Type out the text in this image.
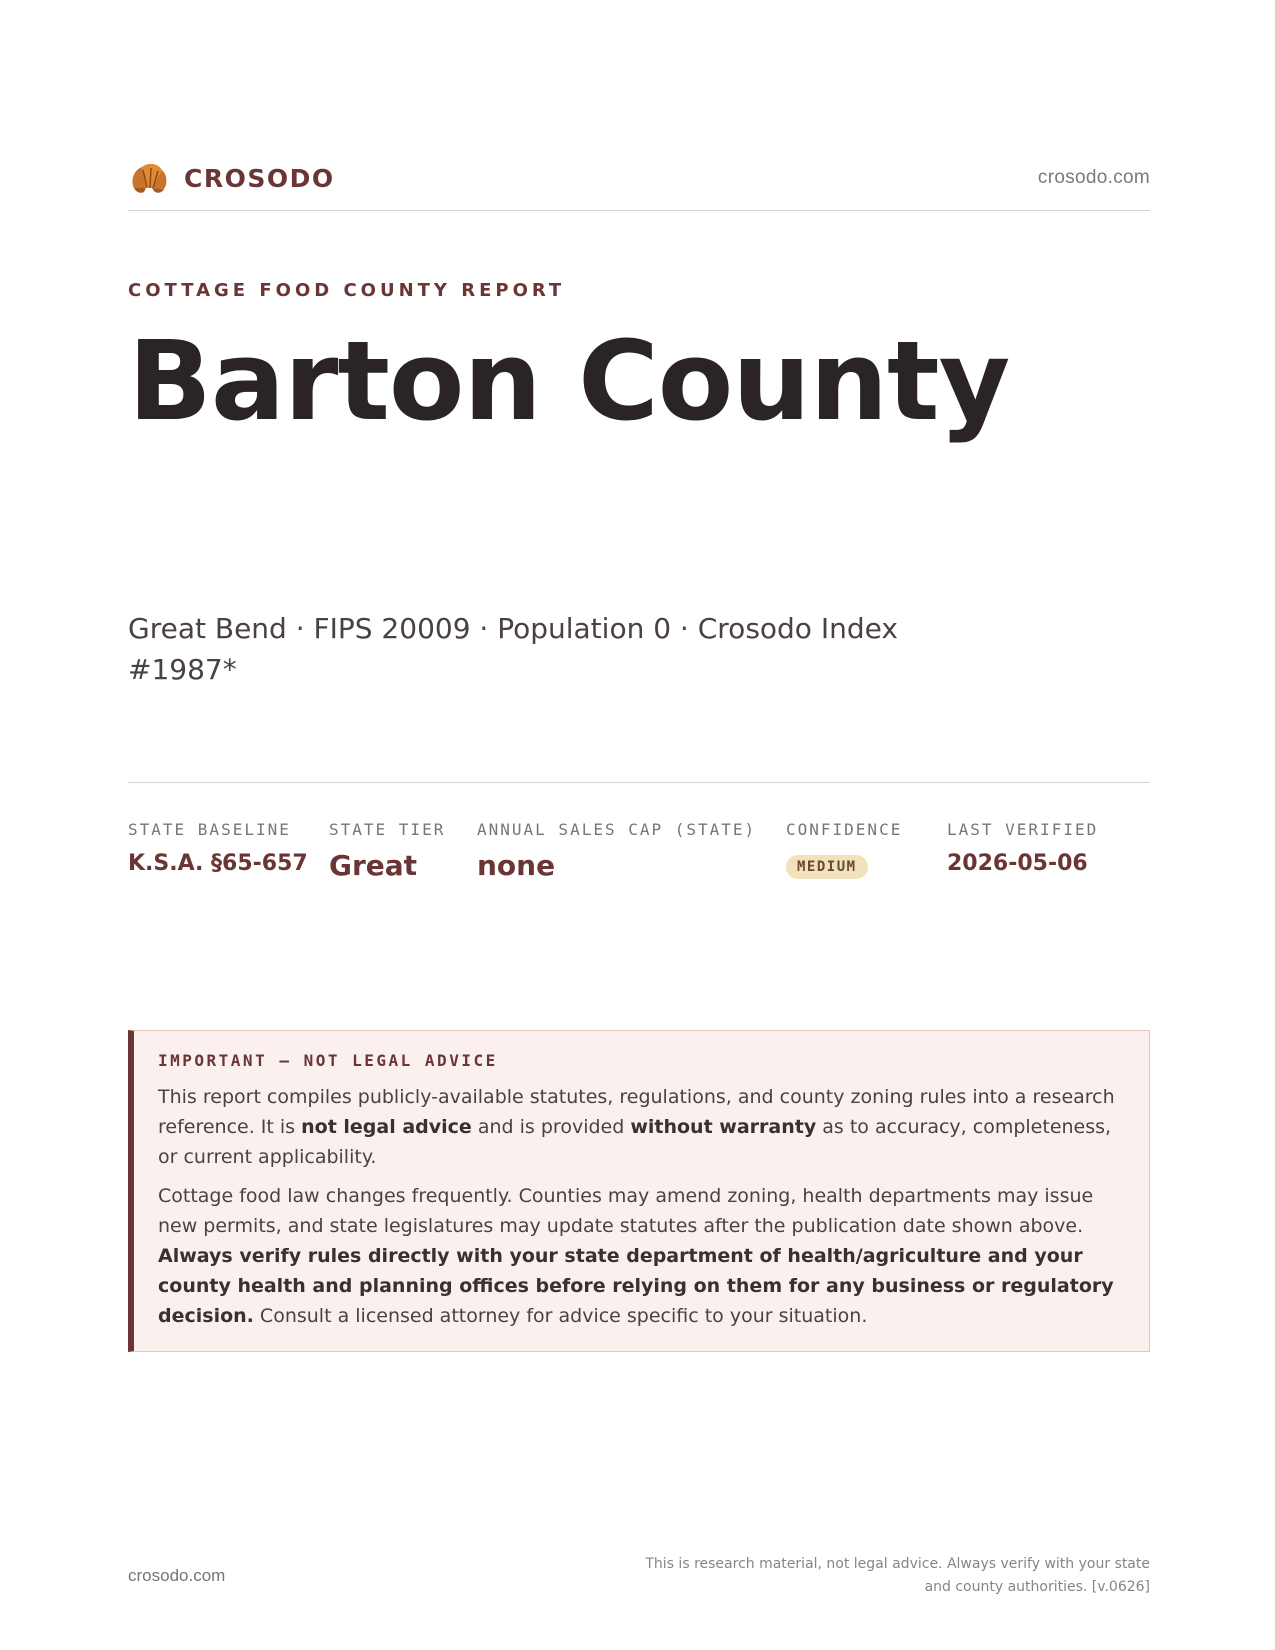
CROSODO	crosodo.com
COTTAGE FOOD COUNTY REPORT
Barton County
Great Bend · FIPS 20009 · Population 0 · Crosodo Index #1987*
STATE BASELINE
K.S.A. §65-657
STATE TIER
Great
ANNUAL SALES CAP (STATE)
none
CONFIDENCE
MEDIUM
LAST VERIFIED
2026-05-06
IMPORTANT — NOT LEGAL ADVICE

This report compiles publicly-available statutes, regulations, and county zoning rules into a research reference. It is not legal advice and is provided without warranty as to accuracy, completeness, or current applicability.

Cottage food law changes frequently. Counties may amend zoning, health departments may issue new permits, and state legislatures may update statutes after the publication date shown above. Always verify rules directly with your state department of health/agriculture and your county health and planning offices before relying on them for any business or regulatory decision. Consult a licensed attorney for advice specific to your situation.

crosodo.com
This is research material, not legal advice. Always verify with your state and county authorities. [v.0626]
